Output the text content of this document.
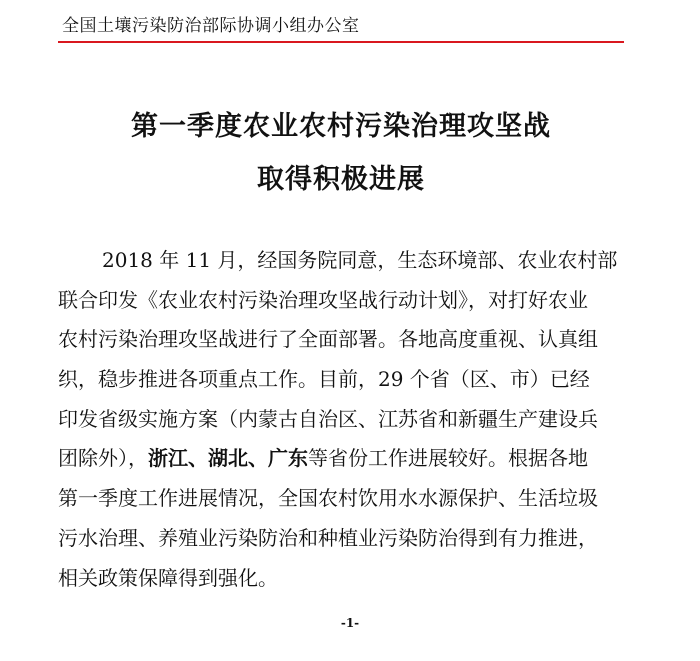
全国土壤污染防治部际协调小组办公室
第一季度农业农村污染治理攻坚战
取得积极进展
2018 年 11 月，经国务院同意，生态环境部、农业农村部
联合印发《农业农村污染治理攻坚战行动计划》，对打好农业
农村污染治理攻坚战进行了全面部署。各地高度重视、认真组
织，稳步推进各项重点工作。目前，29 个省（区、市）已经
印发省级实施方案（内蒙古自治区、江苏省和新疆生产建设兵
团除外），浙江、湖北、广东等省份工作进展较好。根据各地
第一季度工作进展情况，全国农村饮用水水源保护、生活垃圾
污水治理、养殖业污染防治和种植业污染防治得到有力推进，
相关政策保障得到强化。
-1-
